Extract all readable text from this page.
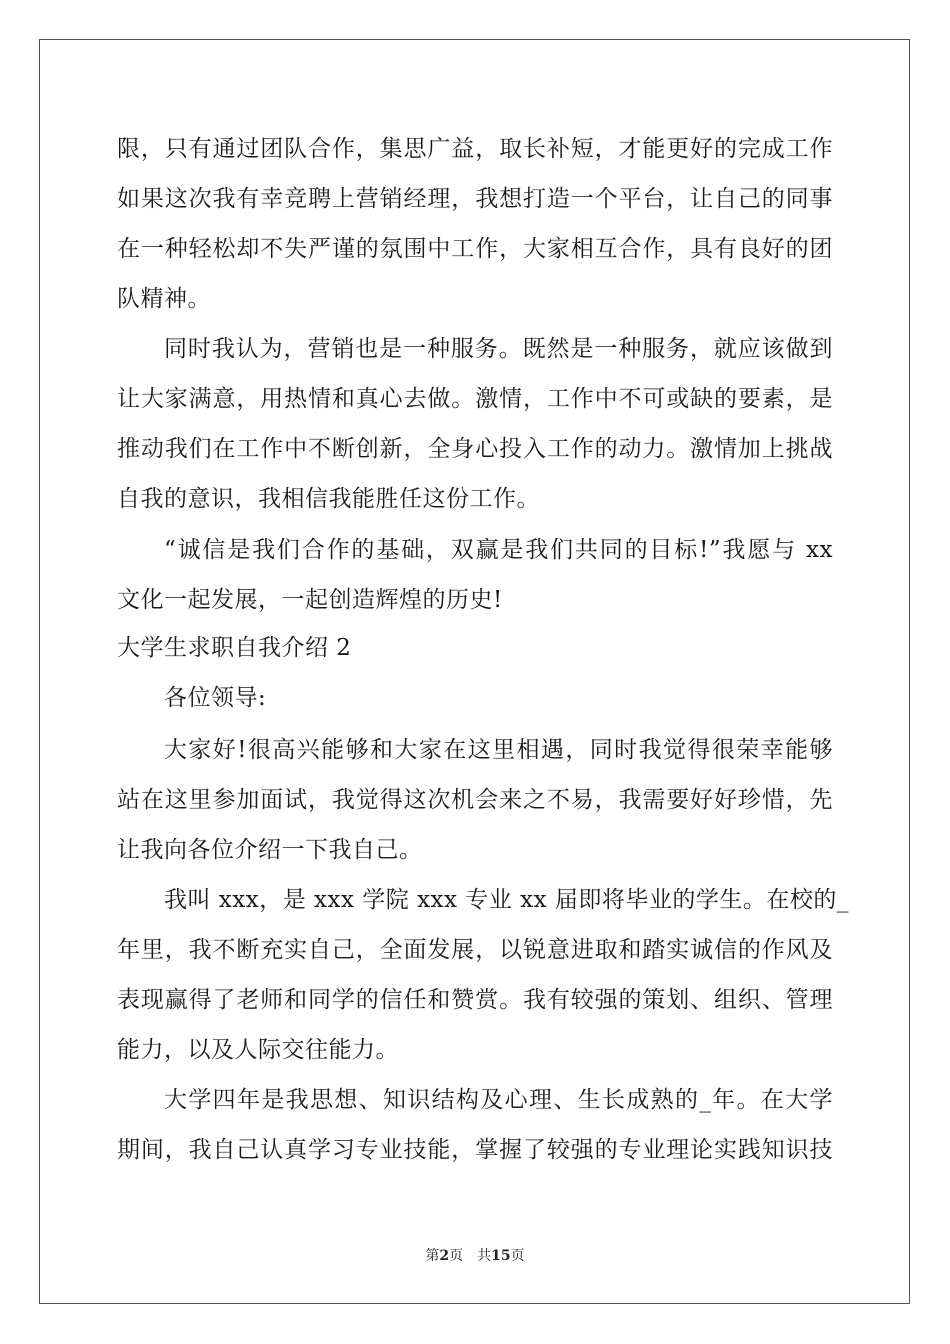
限，只有通过团队合作，集思广益，取长补短，才能更好的完成工作
如果这次我有幸竞聘上营销经理，我想打造一个平台，让自己的同事
在一种轻松却不失严谨的氛围中工作，大家相互合作，具有良好的团
队精神。
同时我认为，营销也是一种服务。既然是一种服务，就应该做到
让大家满意，用热情和真心去做。激情，工作中不可或缺的要素，是
推动我们在工作中不断创新，全身心投入工作的动力。激情加上挑战
自我的意识，我相信我能胜任这份工作。
“诚信是我们合作的基础，双赢是我们共同的目标!”我愿与 xx
文化一起发展，一起创造辉煌的历史!
大学生求职自我介绍 2
各位领导:
大家好!很高兴能够和大家在这里相遇，同时我觉得很荣幸能够
站在这里参加面试，我觉得这次机会来之不易，我需要好好珍惜，先
让我向各位介绍一下我自己。
我叫 xxx，是 xxx 学院 xxx 专业 xx 届即将毕业的学生。在校的_
年里，我不断充实自己，全面发展，以锐意进取和踏实诚信的作风及
表现赢得了老师和同学的信任和赞赏。我有较强的策划、组织、管理
能力，以及人际交往能力。
大学四年是我思想、知识结构及心理、生长成熟的_年。在大学
期间，我自己认真学习专业技能，掌握了较强的专业理论实践知识技
第2页　共15页
